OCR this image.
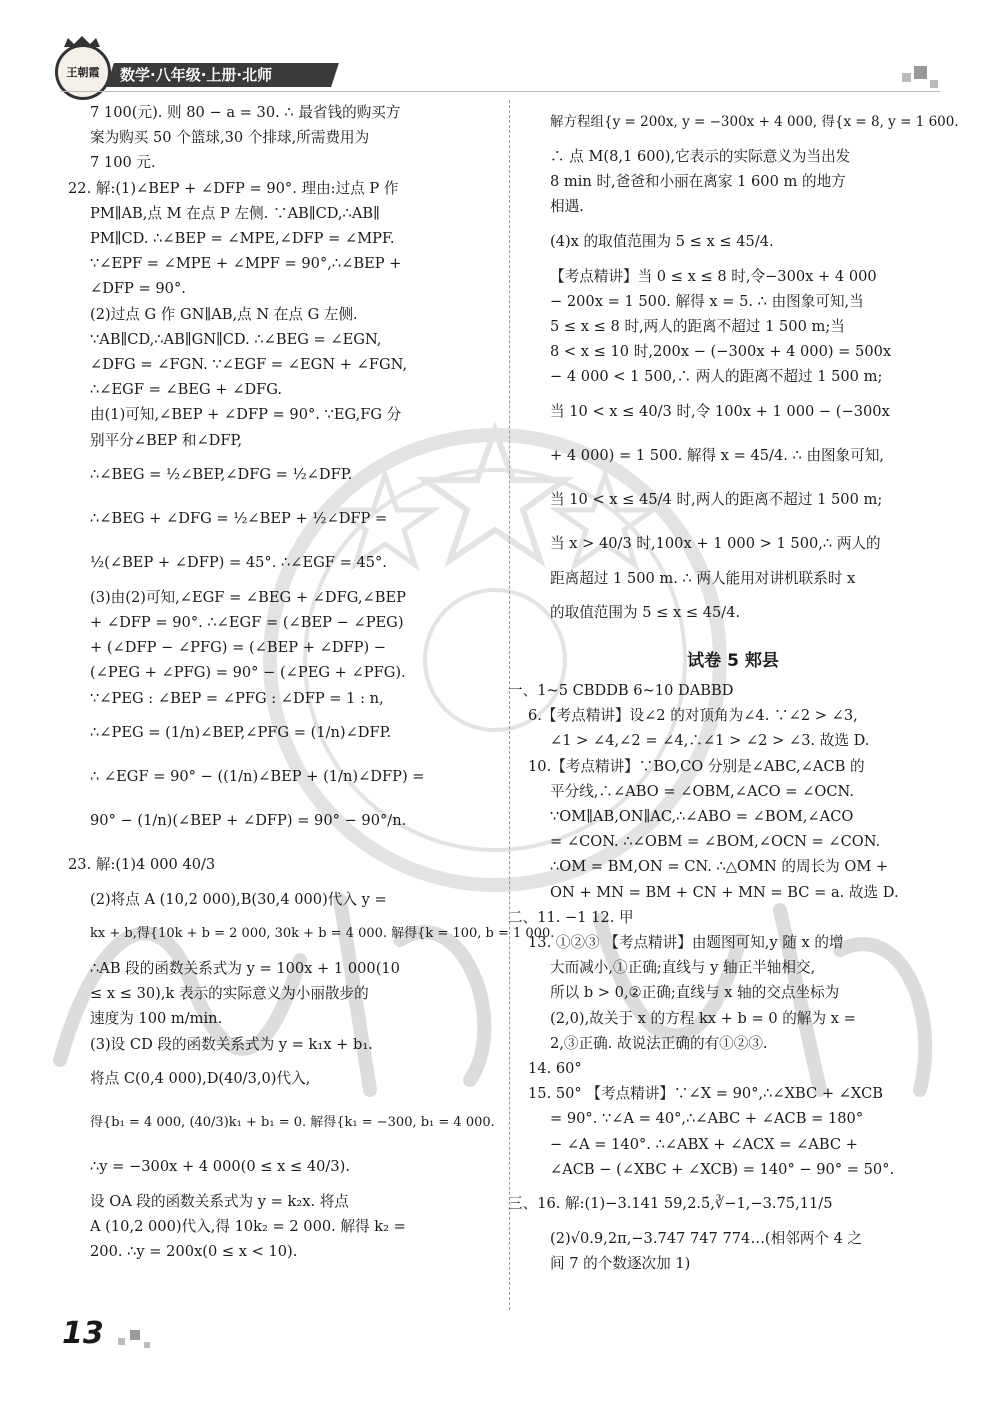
王朝霞	数学·八年级·上册·北师
7 100(元). 则 80 − a = 30. ∴ 最省钱的购买方
案为购买 50 个篮球,30 个排球,所需费用为
7 100 元.
22. 解:(1)∠BEP + ∠DFP = 90°. 理由:过点 P 作
PM∥AB,点 M 在点 P 左侧. ∵AB∥CD,∴AB∥
PM∥CD. ∴∠BEP = ∠MPE,∠DFP = ∠MPF.
∵∠EPF = ∠MPE + ∠MPF = 90°,∴∠BEP +
∠DFP = 90°.
(2)过点 G 作 GN∥AB,点 N 在点 G 左侧.
∵AB∥CD,∴AB∥GN∥CD. ∴∠BEG = ∠EGN,
∠DFG = ∠FGN. ∵∠EGF = ∠EGN + ∠FGN,
∴∠EGF = ∠BEG + ∠DFG.
由(1)可知,∠BEP + ∠DFP = 90°. ∵EG,FG 分
别平分∠BEP 和∠DFP,
∴∠BEG = ½∠BEP,∠DFG = ½∠DFP.
∴∠BEG + ∠DFG = ½∠BEP + ½∠DFP =
½(∠BEP + ∠DFP) = 45°. ∴∠EGF = 45°.
(3)由(2)可知,∠EGF = ∠BEG + ∠DFG,∠BEP
+ ∠DFP = 90°. ∴∠EGF = (∠BEP − ∠PEG)
+ (∠DFP − ∠PFG) = (∠BEP + ∠DFP) −
(∠PEG + ∠PFG) = 90° − (∠PEG + ∠PFG).
∵∠PEG : ∠BEP = ∠PFG : ∠DFP = 1 : n,
∴∠PEG = (1/n)∠BEP,∠PFG = (1/n)∠DFP.
∴ ∠EGF = 90° − ((1/n)∠BEP + (1/n)∠DFP) =
90° − (1/n)(∠BEP + ∠DFP) = 90° − 90°/n.
23. 解:(1)4 000 40/3
(2)将点 A (10,2 000),B(30,4 000)代入 y =
kx + b,得{10k + b = 2 000, 30k + b = 4 000. 解得{k = 100, b = 1 000.
∴AB 段的函数关系式为 y = 100x + 1 000(10
≤ x ≤ 30),k 表示的实际意义为小丽散步的
速度为 100 m/min.
(3)设 CD 段的函数关系式为 y = k₁x + b₁.
将点 C(0,4 000),D(40/3,0)代入,
得{b₁ = 4 000, (40/3)k₁ + b₁ = 0. 解得{k₁ = −300, b₁ = 4 000.
∴y = −300x + 4 000(0 ≤ x ≤ 40/3).
设 OA 段的函数关系式为 y = k₂x. 将点
A (10,2 000)代入,得 10k₂ = 2 000. 解得 k₂ =
200. ∴y = 200x(0 ≤ x < 10).
解方程组{y = 200x, y = −300x + 4 000, 得{x = 8, y = 1 600.
∴ 点 M(8,1 600),它表示的实际意义为当出发
8 min 时,爸爸和小丽在离家 1 600 m 的地方
相遇.
(4)x 的取值范围为 5 ≤ x ≤ 45/4.
【考点精讲】当 0 ≤ x ≤ 8 时,令−300x + 4 000
− 200x = 1 500. 解得 x = 5. ∴ 由图象可知,当
5 ≤ x ≤ 8 时,两人的距离不超过 1 500 m;当
8 < x ≤ 10 时,200x − (−300x + 4 000) = 500x
− 4 000 < 1 500,∴ 两人的距离不超过 1 500 m;
当 10 < x ≤ 40/3 时,令 100x + 1 000 − (−300x
+ 4 000) = 1 500. 解得 x = 45/4. ∴ 由图象可知,
当 10 < x ≤ 45/4 时,两人的距离不超过 1 500 m;
当 x > 40/3 时,100x + 1 000 > 1 500,∴ 两人的
距离超过 1 500 m. ∴ 两人能用对讲机联系时 x
的取值范围为 5 ≤ x ≤ 45/4.
试卷 5 郏县
一、1~5 CBDDB 6~10 DABBD
6.【考点精讲】设∠2 的对顶角为∠4. ∵∠2 > ∠3,
∠1 > ∠4,∠2 = ∠4,∴∠1 > ∠2 > ∠3. 故选 D.
10.【考点精讲】∵BO,CO 分别是∠ABC,∠ACB 的
平分线,∴∠ABO = ∠OBM,∠ACO = ∠OCN.
∵OM∥AB,ON∥AC,∴∠ABO = ∠BOM,∠ACO
= ∠CON. ∴∠OBM = ∠BOM,∠OCN = ∠CON.
∴OM = BM,ON = CN. ∴△OMN 的周长为 OM +
ON + MN = BM + CN + MN = BC = a. 故选 D.
二、11. −1 12. 甲
13. ①②③ 【考点精讲】由题图可知,y 随 x 的增
大而减小,①正确;直线与 y 轴正半轴相交,
所以 b > 0,②正确;直线与 x 轴的交点坐标为
(2,0),故关于 x 的方程 kx + b = 0 的解为 x =
2,③正确. 故说法正确的有①②③.
14. 60°
15. 50° 【考点精讲】∵∠X = 90°,∴∠XBC + ∠XCB
= 90°. ∵∠A = 40°,∴∠ABC + ∠ACB = 180°
− ∠A = 140°. ∴∠ABX + ∠ACX = ∠ABC +
∠ACB − (∠XBC + ∠XCB) = 140° − 90° = 50°.
三、16. 解:(1)−3.141 59,2.5̇,∛−1,−3.7̇5̇,11/5
(2)√0.9,2π,−3.747 747 774…(相邻两个 4 之
间 7 的个数逐次加 1)
13
